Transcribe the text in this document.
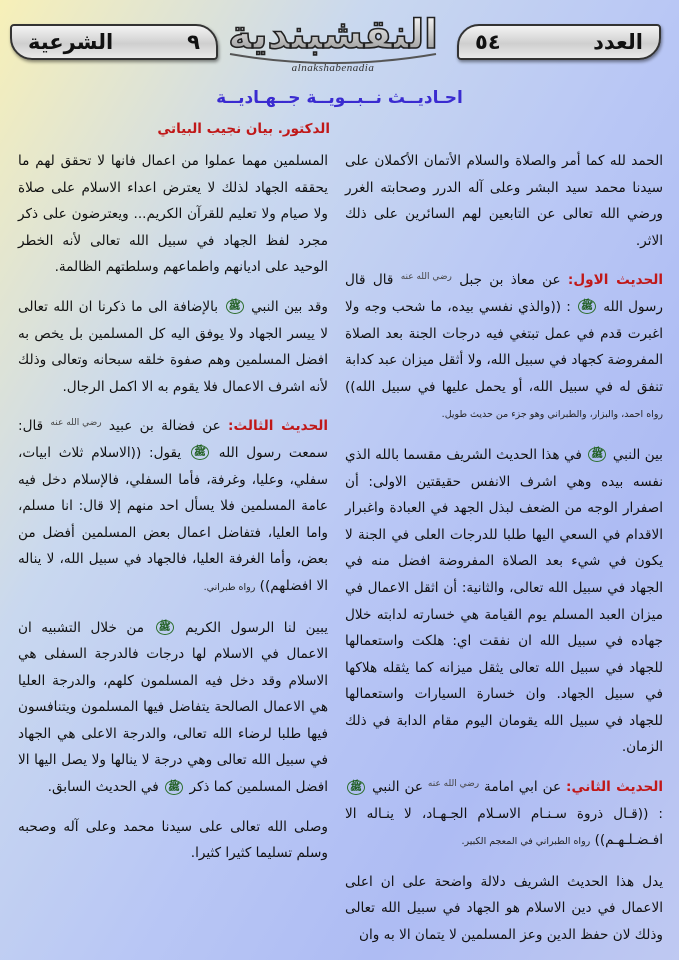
العدد
٥٤
النقشبندية
alnakshabenadia
٩
الشرعية
احـاديــث نــبــويــة جــهـاديــة
الدكتور. بيان نجيب البياتي

الحمد لله كما أمر والصلاة والسلام الأتمان الأكملان على سيدنا محمد سيد البشر وعلى آله الدرر وصحابته الغرر ورضي الله تعالى عن التابعين لهم السائرين على ذلك الاثر.

الحديث الاول: عن معاذ بن جبل رضي الله عنه قال قال رسول الله ﷺ : ((والذي نفسي بيده، ما شحب وجه ولا اغبرت قدم في عمل تبتغي فيه درجات الجنة بعد الصلاة المفروضة كجهاد في سبيل الله، ولا أثقل ميزان عبد كدابة تنفق له في سبيل الله، أو يحمل عليها في سبيل الله)) رواه احمد، والبزار، والطبراني وهو جزء من حديث طويل.

بين النبي ﷺ في هذا الحديث الشريف مقسما بالله الذي نفسه بيده وهي اشرف الانفس حقيقتين الاولى: أن اصفرار الوجه من الضعف لبذل الجهد في العبادة واغبرار الاقدام في السعي اليها طلبا للدرجات العلى في الجنة لا يكون في شيء بعد الصلاة المفروضة افضل منه في الجهاد في سبيل الله تعالى، والثانية: أن اثقل الاعمال في ميزان العبد المسلم يوم القيامة هي خسارته لدابته خلال جهاده في سبيل الله ان نفقت اي: هلكت واستعمالها للجهاد في سبيل الله تعالى يثقل ميزانه كما يثقله هلاكها في سبيل الجهاد. وان خسارة السيارات واستعمالها للجهاد في سبيل الله يقومان اليوم مقام الدابة في ذلك الزمان.

الحديث الثاني: عن ابي امامة رضي الله عنه عن النبي ﷺ : ((قـال ذروة سـنـام الاسـلام الجـهـاد، لا ينـاله الا افـضـلـهـم)) رواه الطبراني في المعجم الكبير.

يدل هذا الحديث الشريف دلالة واضحة على ان اعلى الاعمال في دين الاسلام هو الجهاد في سبيل الله تعالى وذلك لان حفظ الدين وعز المسلمين لا يتمان الا به وان

المسلمين مهما عملوا من اعمال فانها لا تحقق لهم ما يحققه الجهاد لذلك لا يعترض اعداء الاسلام على صلاة ولا صيام ولا تعليم للقرآن الكريم... ويعترضون على ذكر مجرد لفظ الجهاد في سبيل الله تعالى لأنه الخطر الوحيد على اديانهم واطماعهم وسلطتهم الظالمة.

وقد بين النبي ﷺ بالإضافة الى ما ذكرنا ان الله تعالى لا ييسر الجهاد ولا يوفق اليه كل المسلمين بل يخص به افضل المسلمين وهم صفوة خلقه سبحانه وتعالى وذلك لأنه اشرف الاعمال فلا يقوم به الا اكمل الرجال.

الحديث الثالث: عن فضالة بن عبيد رضي الله عنه قال: سمعت رسول الله ﷺ يقول: ((الاسلام ثلاث ابيات، سفلي، وعليا، وغرفة، فأما السفلي، فالإسلام دخل فيه عامة المسلمين فلا يسأل احد منهم إلا قال: انا مسلم، واما العليا، فتفاضل اعمال بعض المسلمين أفضل من بعض، وأما الغرفة العليا، فالجهاد في سبيل الله، لا يناله الا افضلهم)) رواه طبراني.

يبين لنا الرسول الكريم ﷺ من خلال التشبيه ان الاعمال في الاسلام لها درجات فالدرجة السفلى هي الاسلام وقد دخل فيه المسلمون كلهم، والدرجة العليا هي الاعمال الصالحة يتفاضل فيها المسلمون ويتنافسون فيها طلبا لرضاء الله تعالى، والدرجة الاعلى هي الجهاد في سبيل الله تعالى وهي درجة لا ينالها ولا يصل اليها الا افضل المسلمين كما ذكر ﷺ في الحديث السابق.

وصلى الله تعالى على سيدنا محمد وعلى آله وصحبه وسلم تسليما كثيرا كثيرا.
